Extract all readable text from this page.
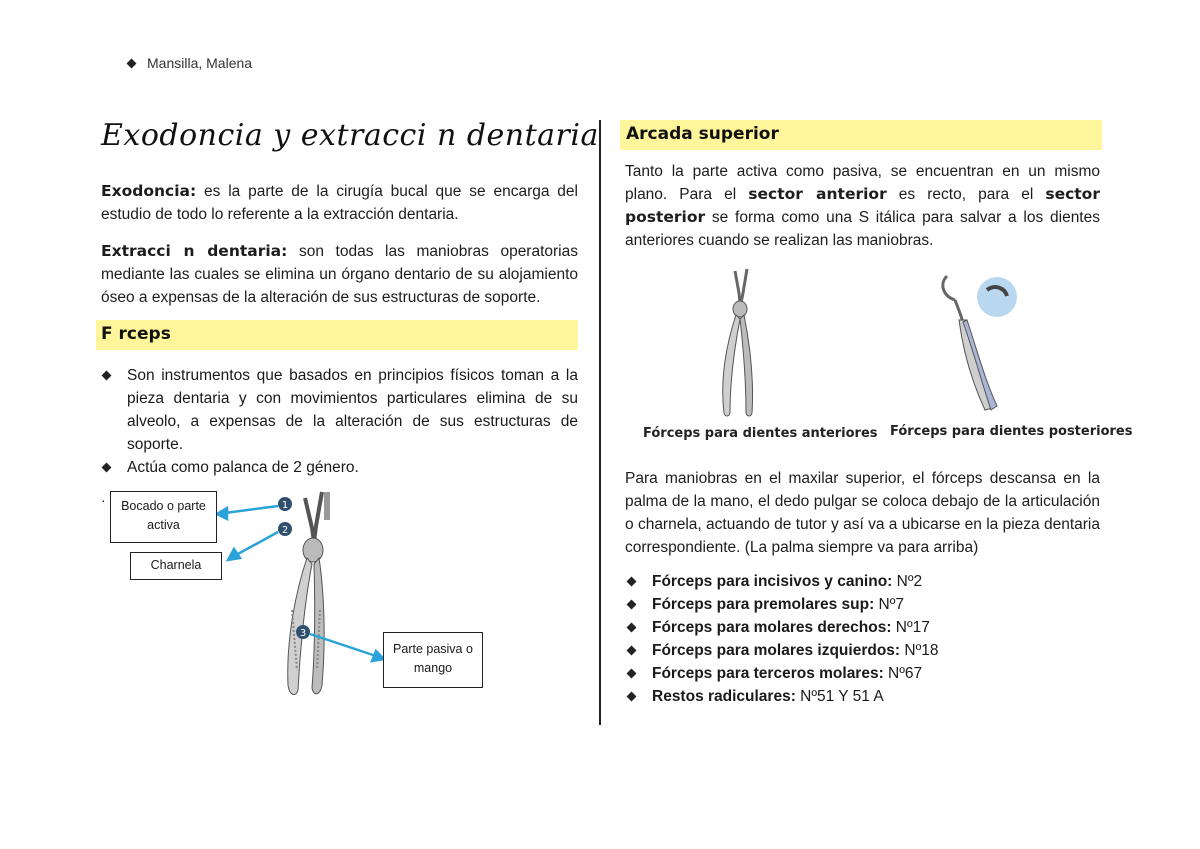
Mansilla, Malena
Exodoncia y extracci n dentaria
Exodoncia: es la parte de la cirugía bucal que se encarga del estudio de todo lo referente a la extracción dentaria.
Extracci n dentaria: son todas las maniobras operatorias mediante las cuales se elimina un órgano dentario de su alojamiento óseo a expensas de la alteración de sus estructuras de soporte.
F rceps
Son instrumentos que basados en principios físicos toman a la pieza dentaria y con movimientos particulares elimina de su alveolo, a expensas de la alteración de sus estructuras de soporte.
Actúa como palanca de 2 género.
·	1
2
3
Bocado o parte activa
Charnela
Parte pasiva o mango
Arcada superior
Tanto la parte activa como pasiva, se encuentran en un mismo plano. Para el sector anterior es recto, para el sector posterior se forma como una S itálica para salvar a los dientes anteriores cuando se realizan las maniobras.
Fórceps para dientes anteriores Fórceps para dientes posteriores
Para maniobras en el maxilar superior, el fórceps descansa en la palma de la mano, el dedo pulgar se coloca debajo de la articulación o charnela, actuando de tutor y así va a ubicarse en la pieza dentaria correspondiente. (La palma siempre va para arriba)
Fórceps para incisivos y canino: Nº2
Fórceps para premolares sup: Nº7
Fórceps para molares derechos: Nº17
Fórceps para molares izquierdos: Nº18
Fórceps para terceros molares: Nº67
Restos radiculares: Nº51 Y 51 A
